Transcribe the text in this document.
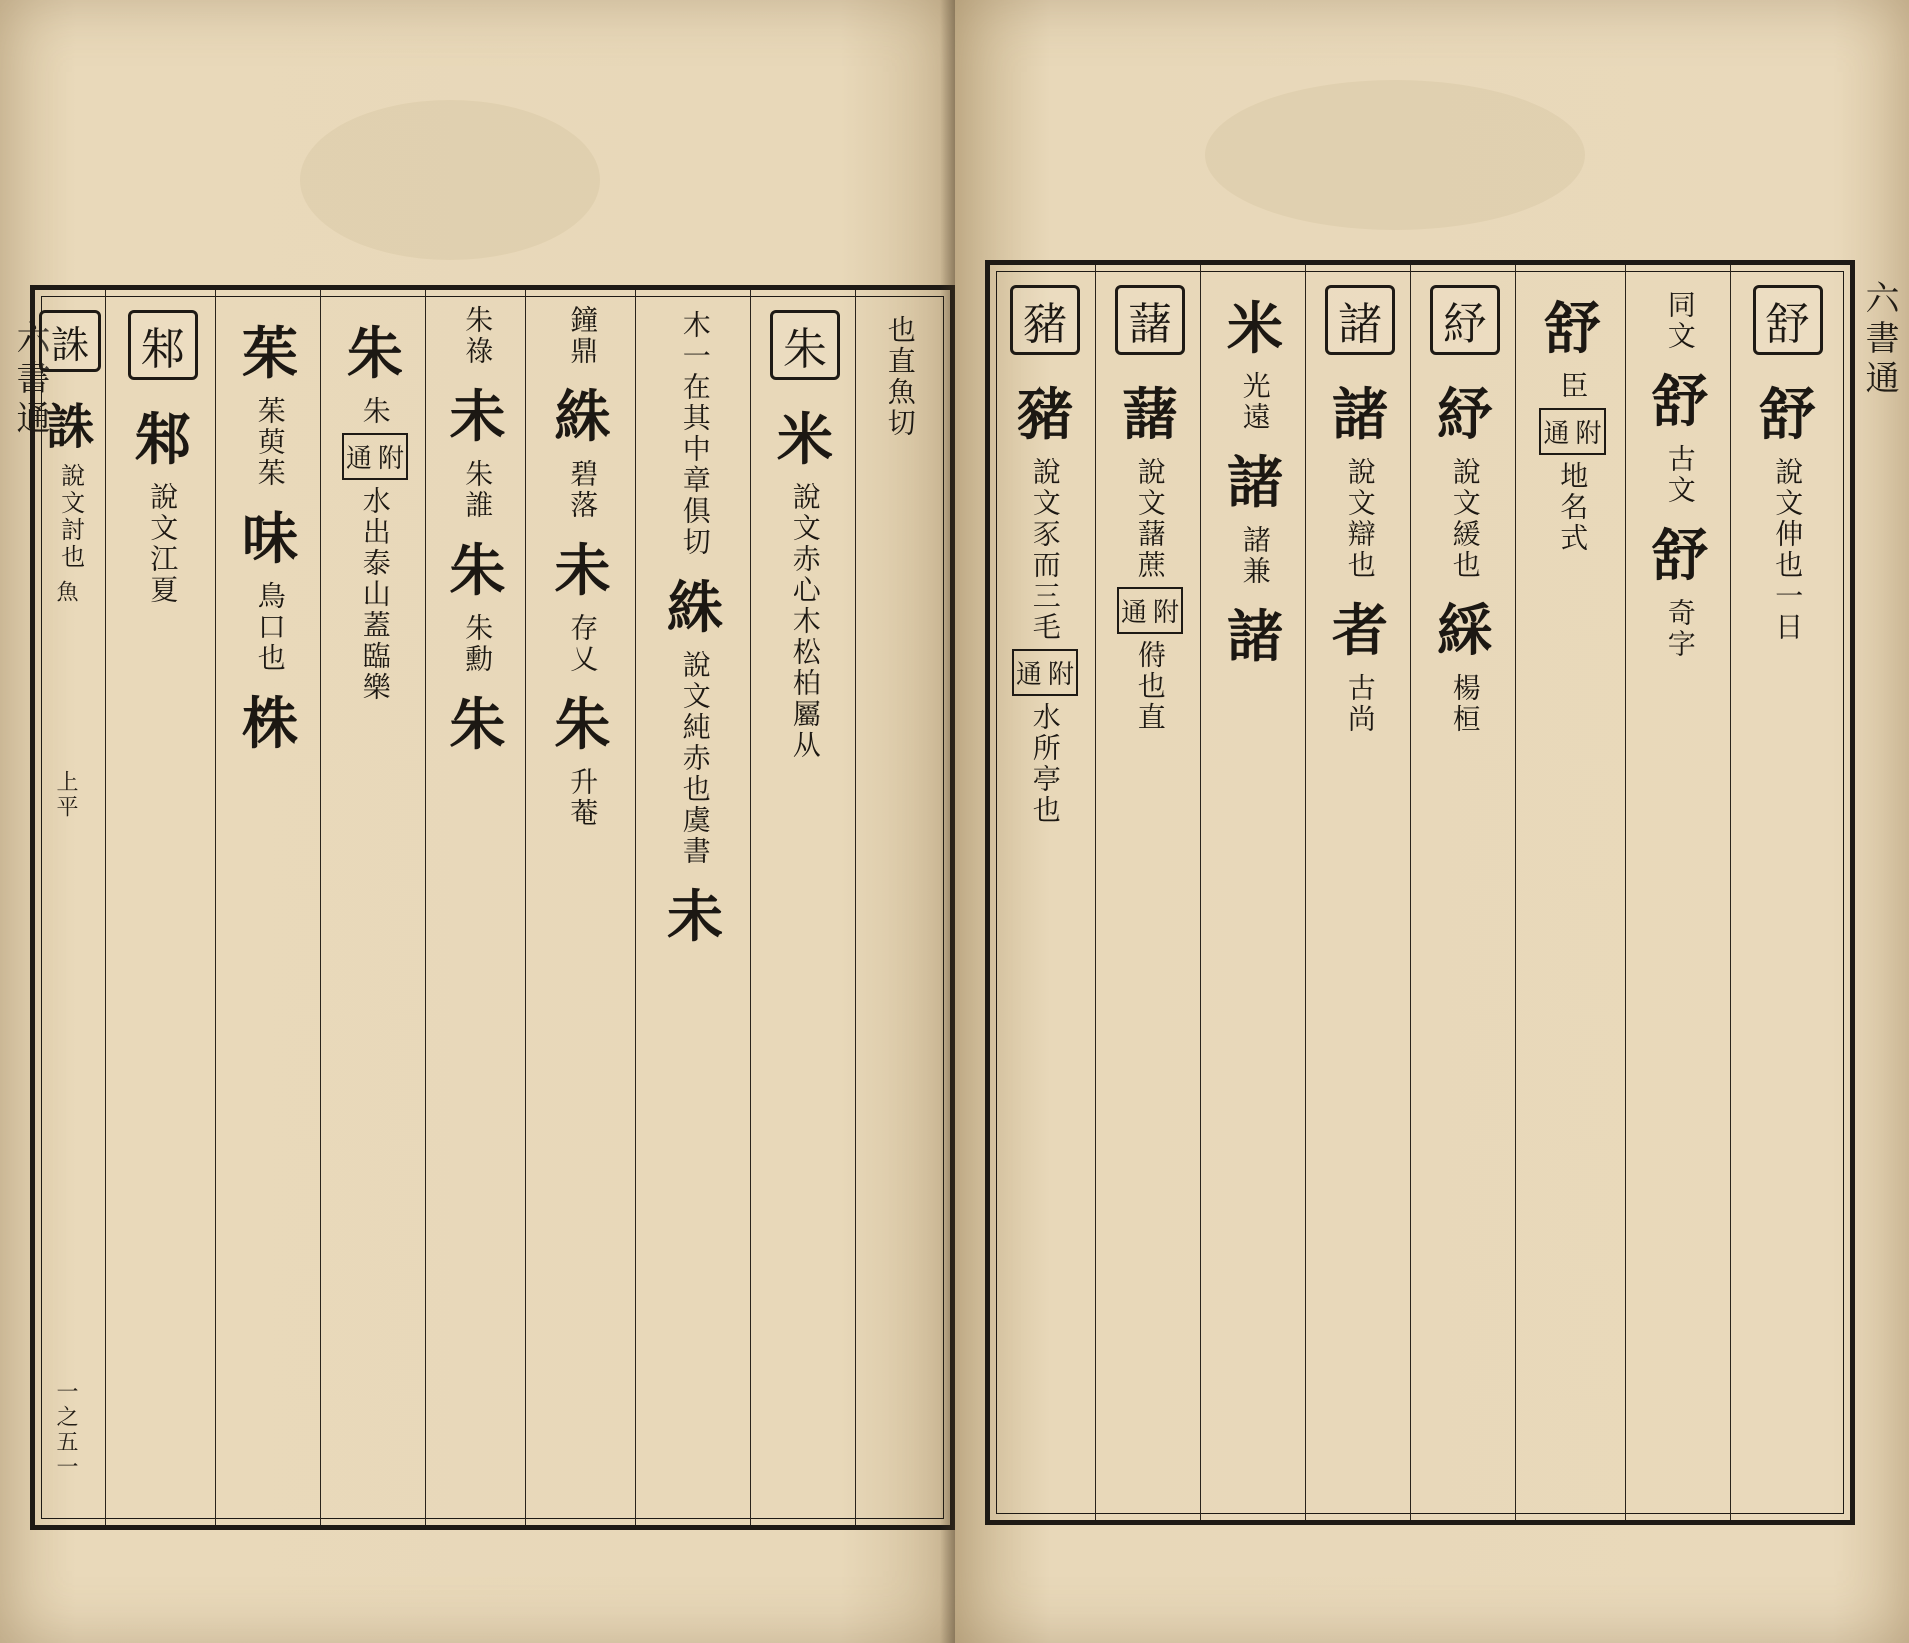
六書通
一之五一
魚
上平
也直
魚切
朱
米
說文赤心木松柏屬从
木一在其中章俱切
絑
說文純赤也虞書
未
鐘鼎
絑
碧落
未
存乂
朱
升菴
朱祿
未
朱誰
朱
朱勳
朱
朱
朱
通 附
水出泰山蓋臨樂
茱
茱萸茱
味
鳥口也
株
邾
邾
說文江夏
誅
誅
說文討也
六書通
舒
舒
說文伸也一日
同文
舒
古文
舒
奇字
舒
臣
通 附
地名式
紓
紓
說文緩也
綵
楊桓
諸
諸
說文辯也
者
古尚
米
光遠
諸
諸兼
諸
藷
藷
說文藷蔗
通 附
偫也直
豬
豬
說文豕而三毛
通 附
水所亭也
